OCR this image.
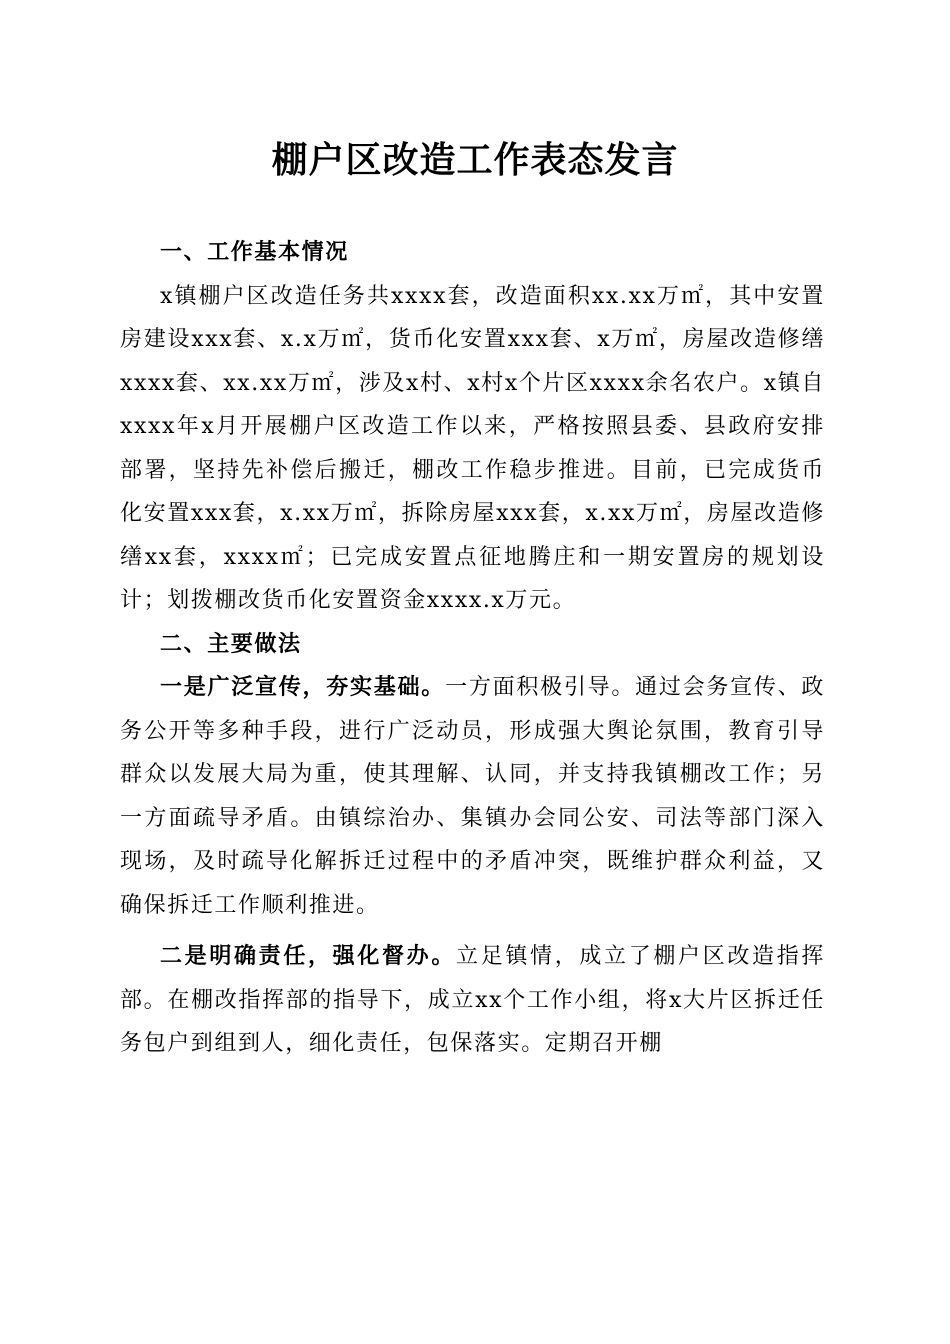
棚户区改造工作表态发言

一、工作基本情况

x镇棚户区改造任务共xxxx套，改造面积xx.xx万㎡，其中安置房建设xxx套、x.x万㎡，货币化安置xxx套、x万㎡，房屋改造修缮xxxx套、xx.xx万㎡，涉及x村、x村x个片区xxxx余名农户。x镇自xxxx年x月开展棚户区改造工作以来，严格按照县委、县政府安排部署，坚持先补偿后搬迁，棚改工作稳步推进。目前，已完成货币化安置xxx套，x.xx万㎡，拆除房屋xxx套，x.xx万㎡，房屋改造修缮xx套，xxxx㎡；已完成安置点征地腾庄和一期安置房的规划设计；划拨棚改货币化安置资金xxxx.x万元。

二、主要做法

一是广泛宣传，夯实基础。一方面积极引导。通过会务宣传、政务公开等多种手段，进行广泛动员，形成强大舆论氛围，教育引导群众以发展大局为重，使其理解、认同，并支持我镇棚改工作；另一方面疏导矛盾。由镇综治办、集镇办会同公安、司法等部门深入现场，及时疏导化解拆迁过程中的矛盾冲突，既维护群众利益，又确保拆迁工作顺利推进。

二是明确责任，强化督办。立足镇情，成立了棚户区改造指挥部。在棚改指挥部的指导下，成立xx个工作小组，将x大片区拆迁任务包户到组到人，细化责任，包保落实。定期召开棚
